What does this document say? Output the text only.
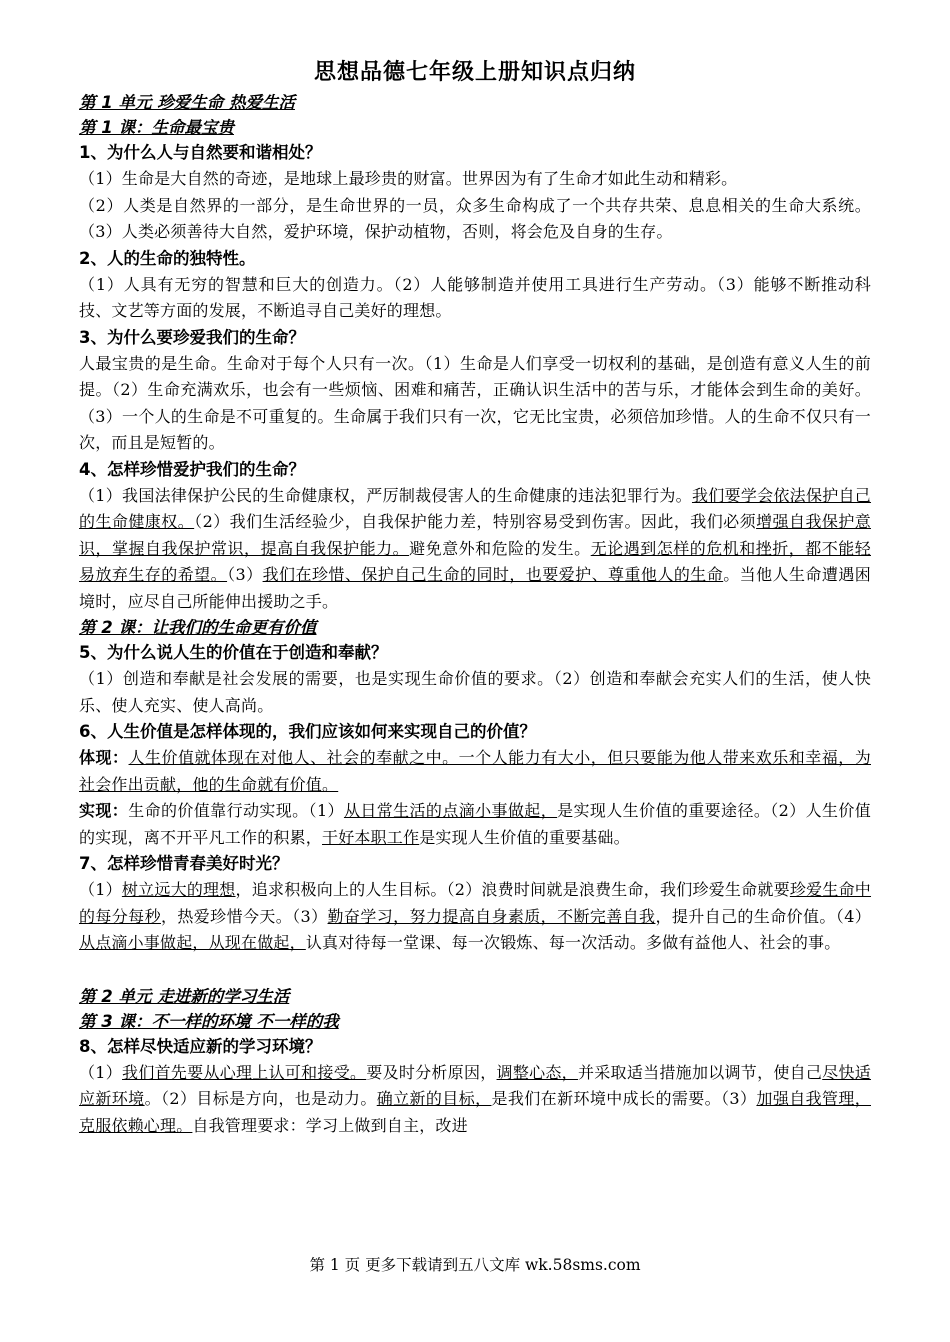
思想品德七年级上册知识点归纳
第 1 单元 珍爱生命 热爱生活
第 1 课：生命最宝贵
1、为什么人与自然要和谐相处？

（1）生命是大自然的奇迹，是地球上最珍贵的财富。世界因为有了生命才如此生动和精彩。

（2）人类是自然界的一部分，是生命世界的一员，众多生命构成了一个共存共荣、息息相关的生命大系统。（3）人类必须善待大自然，爱护环境，保护动植物，否则，将会危及自身的生存。

2、人的生命的独特性。

（1）人具有无穷的智慧和巨大的创造力。（2）人能够制造并使用工具进行生产劳动。（3）能够不断推动科技、文艺等方面的发展，不断追寻自己美好的理想。

3、为什么要珍爱我们的生命？

人最宝贵的是生命。生命对于每个人只有一次。（1）生命是人们享受一切权利的基础，是创造有意义人生的前提。（2）生命充满欢乐，也会有一些烦恼、困难和痛苦，正确认识生活中的苦与乐，才能体会到生命的美好。（3）一个人的生命是不可重复的。生命属于我们只有一次，它无比宝贵，必须倍加珍惜。人的生命不仅只有一次，而且是短暂的。

4、怎样珍惜爱护我们的生命？

（1）我国法律保护公民的生命健康权，严厉制裁侵害人的生命健康的违法犯罪行为。我们要学会依法保护自己的生命健康权。（2）我们生活经验少，自我保护能力差，特别容易受到伤害。因此，我们必须增强自我保护意识，掌握自我保护常识，提高自我保护能力。避免意外和危险的发生。无论遇到怎样的危机和挫折，都不能轻易放弃生存的希望。（3）我们在珍惜、保护自己生命的同时，也要爱护、尊重他人的生命。当他人生命遭遇困境时，应尽自己所能伸出援助之手。

第 2 课：让我们的生命更有价值
5、为什么说人生的价值在于创造和奉献？

（1）创造和奉献是社会发展的需要，也是实现生命价值的要求。（2）创造和奉献会充实人们的生活，使人快乐、使人充实、使人高尚。

6、人生价值是怎样体现的，我们应该如何来实现自己的价值？

体现：人生价值就体现在对他人、社会的奉献之中。一个人能力有大小，但只要能为他人带来欢乐和幸福，为社会作出贡献，他的生命就有价值。

实现：生命的价值靠行动实现。（1）从日常生活的点滴小事做起，是实现人生价值的重要途径。（2）人生价值的实现，离不开平凡工作的积累，干好本职工作是实现人生价值的重要基础。

7、怎样珍惜青春美好时光？

（1）树立远大的理想，追求积极向上的人生目标。（2）浪费时间就是浪费生命，我们珍爱生命就要珍爱生命中的每分每秒，热爱珍惜今天。（3）勤奋学习，努力提高自身素质，不断完善自我，提升自己的生命价值。（4）从点滴小事做起，从现在做起，认真对待每一堂课、每一次锻炼、每一次活动。多做有益他人、社会的事。

第 2 单元 走进新的学习生活
第 3 课：不一样的环境 不一样的我
8、怎样尽快适应新的学习环境？

（1）我们首先要从心理上认可和接受。要及时分析原因，调整心态，并采取适当措施加以调节，使自己尽快适应新环境。（2）目标是方向，也是动力。确立新的目标，是我们在新环境中成长的需要。（3）加强自我管理，克服依赖心理。自我管理要求：学习上做到自主，改进

第 1 页 更多下载请到五八文库 wk.58sms.com
